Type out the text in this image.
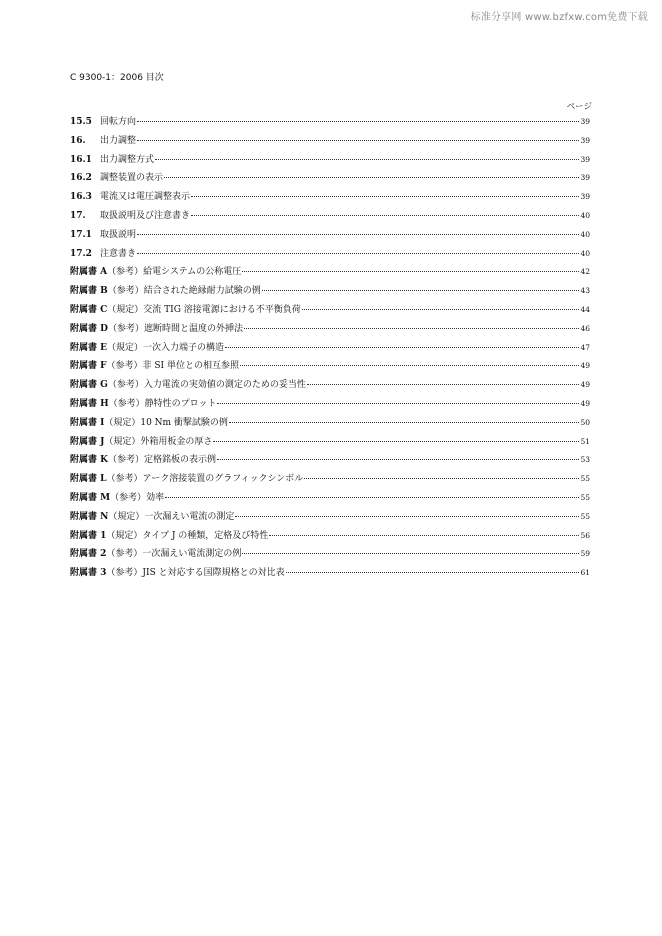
标准分享网 www.bzfxw.com免费下载
C 9300-1：2006 目次
ページ
15.5 回転方向	39
16.	出力調整	39
16.1 出力調整方式	39
16.2 調整装置の表示	39
16.3 電流又は電圧調整表示	39
17.	取扱説明及び注意書き	40
17.1 取扱説明	40
17.2 注意書き	40
附属書 A （参考）給電システムの公称電圧	42
附属書 B （参考）結合された絶縁耐力試験の例	43
附属書 C （規定）交流 TIG 溶接電源における不平衡負荷	44
附属書 D （参考）遮断時間と温度の外挿法	46
附属書 E （規定）一次入力端子の構造	47
附属書 F （参考）非 SI 単位との相互参照	49
附属書 G （参考）入力電流の実効値の測定のための妥当性	49
附属書 H （参考）静特性のプロット	49
附属書 I （規定）10 Nm 衝撃試験の例	50
附属書 J （規定）外箱用板金の厚さ	51
附属書 K （参考）定格銘板の表示例	53
附属書 L （参考）アーク溶接装置のグラフィックシンボル	55
附属書 M （参考）効率	55
附属書 N （規定）一次漏えい電流の測定	55
附属書 1 （規定）タイプ J の種類，定格及び特性	56
附属書 2 （参考）一次漏えい電流測定の例	59
附属書 3 （参考）JIS と対応する国際規格との対比表	61
